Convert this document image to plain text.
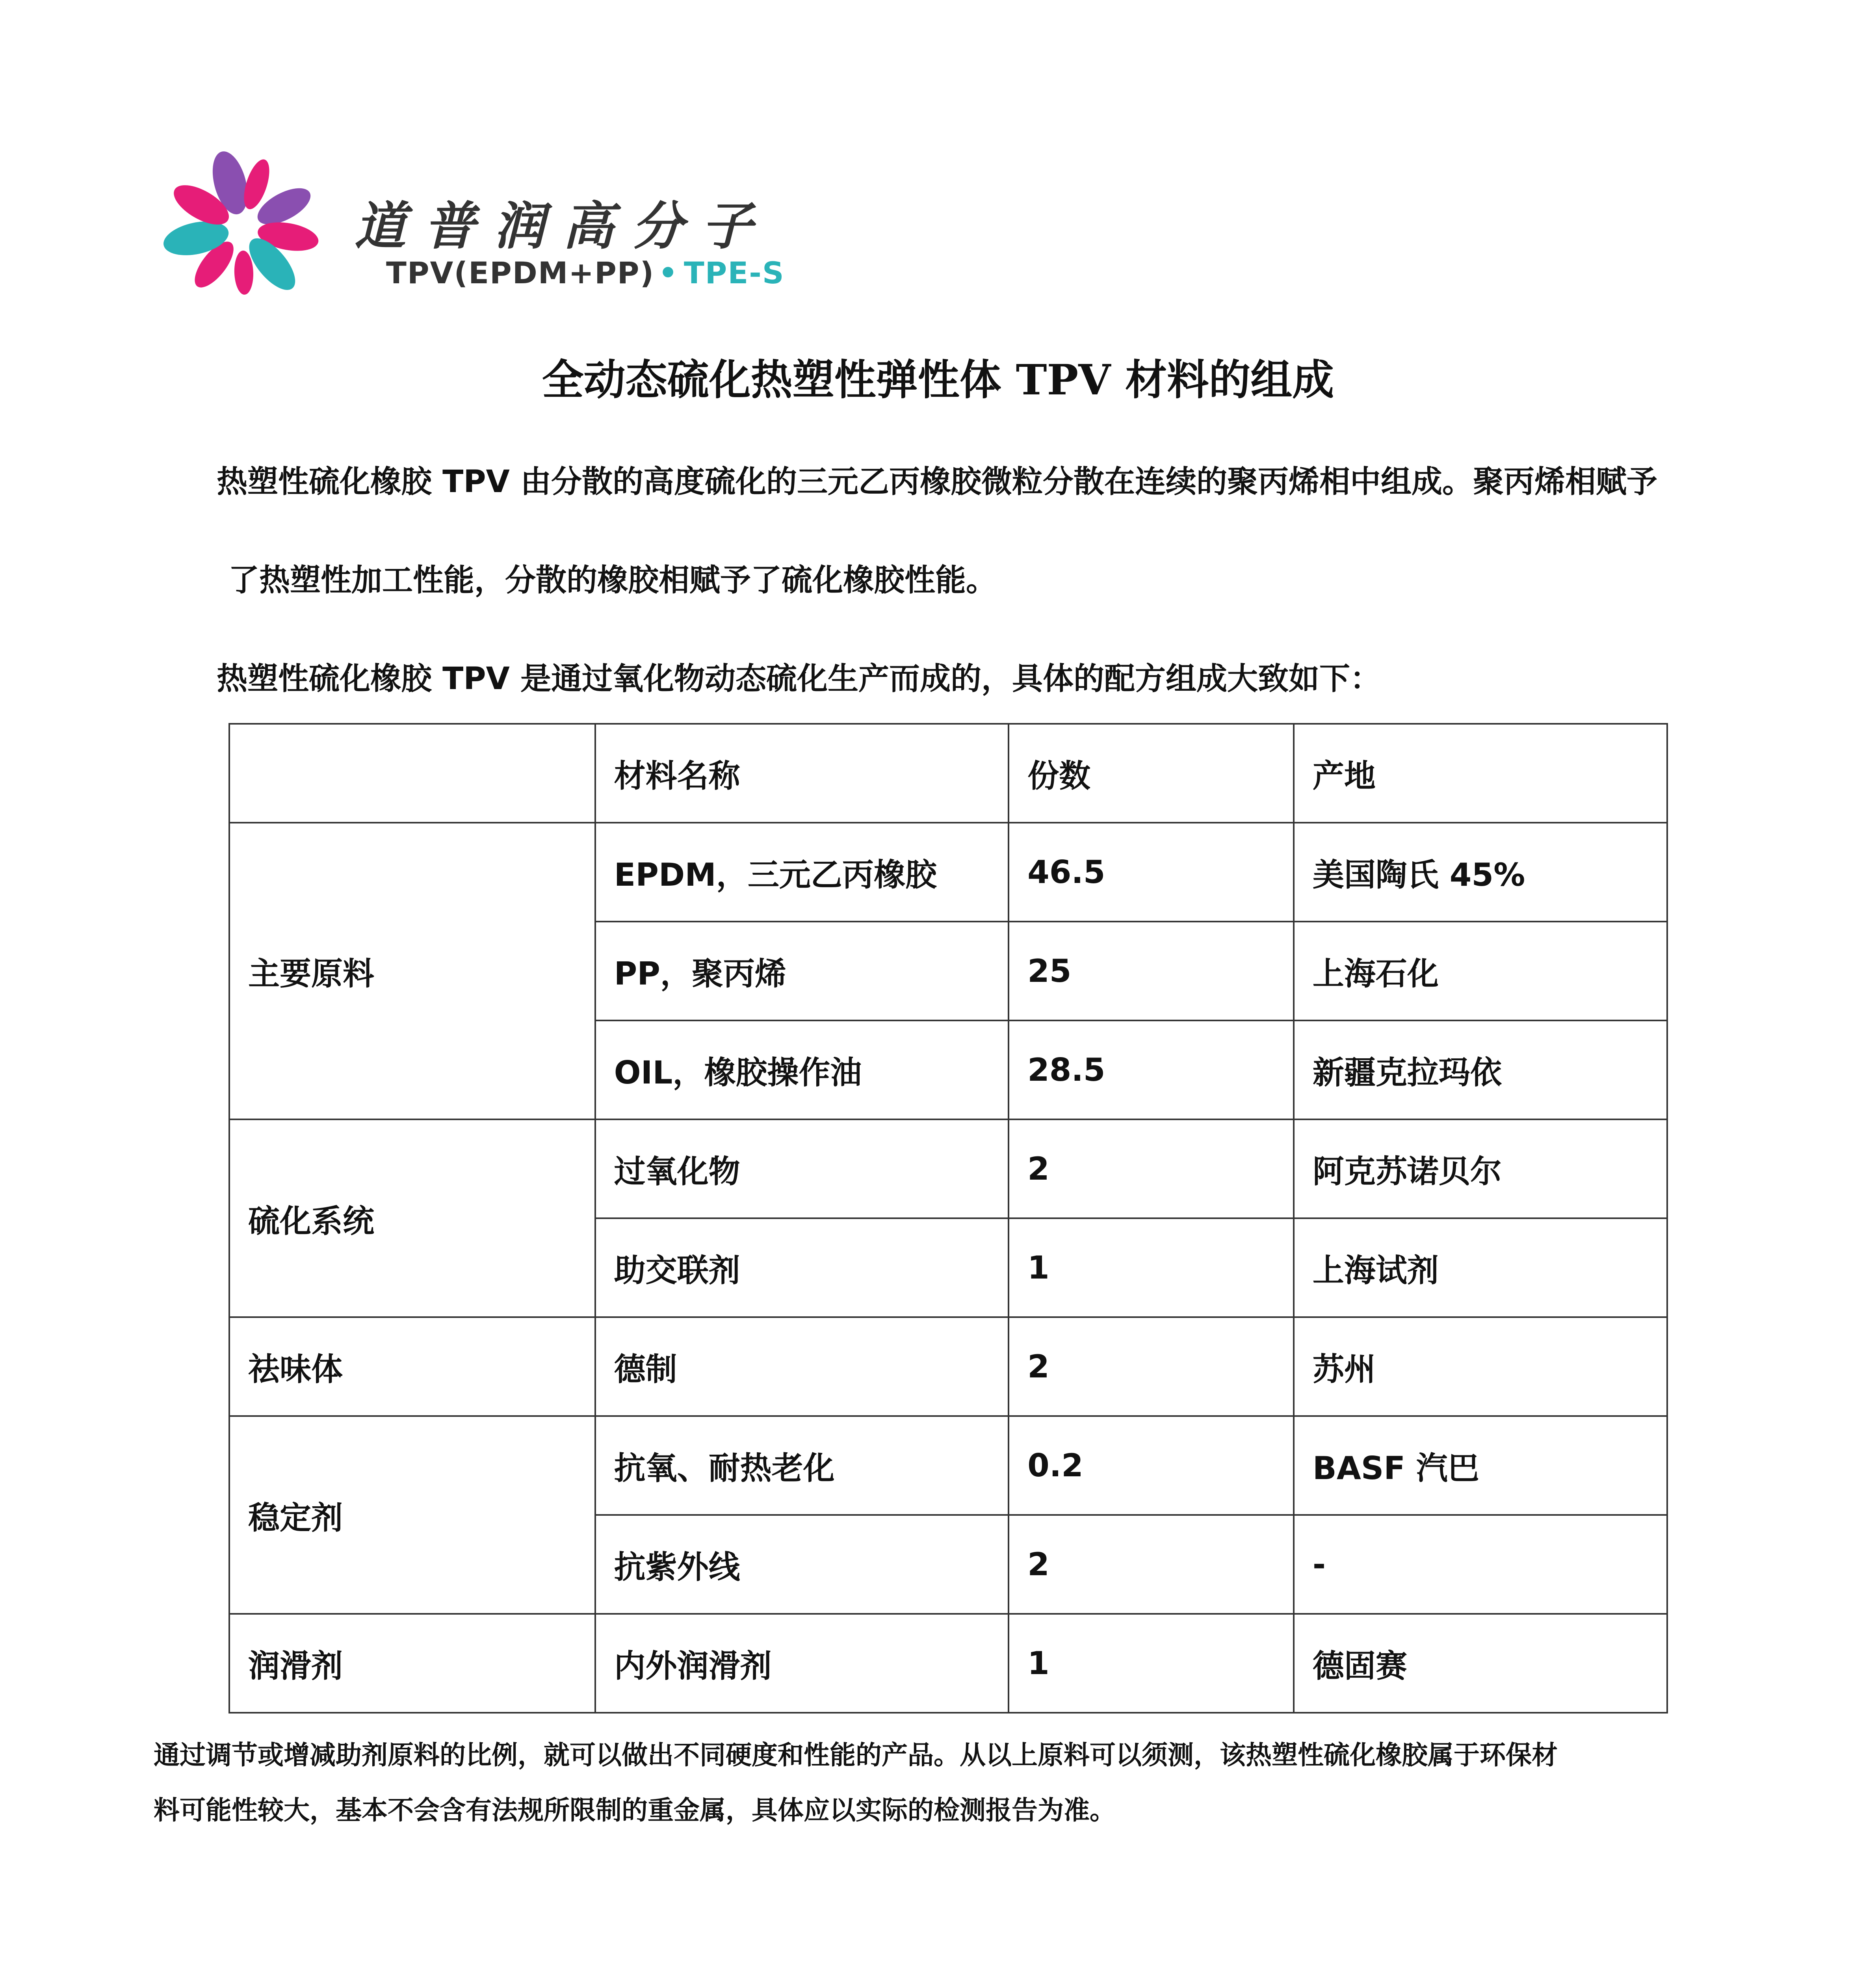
道普润高分子
TPV(EPDM+PP) • TPE-S
全动态硫化热塑性弹性体 TPV 材料的组成
热塑性硫化橡胶 TPV 由分散的高度硫化的三元乙丙橡胶微粒分散在连续的聚丙烯相中组成。聚丙烯相赋予
了热塑性加工性能，分散的橡胶相赋予了硫化橡胶性能。
热塑性硫化橡胶 TPV 是通过氧化物动态硫化生产而成的，具体的配方组成大致如下：
	材料名称	份数	产地
主要原料	EPDM，三元乙丙橡胶	46.5	美国陶氏 45%
	PP，聚丙烯	25	上海石化
	OIL，橡胶操作油	28.5	新疆克拉玛依
硫化系统	过氧化物	2	阿克苏诺贝尔
	助交联剂	1	上海试剂
祛味体	德制	2	苏州
稳定剂	抗氧、耐热老化	0.2	BASF 汽巴
	抗紫外线	2	-
润滑剂	内外润滑剂	1	德固赛
通过调节或增减助剂原料的比例，就可以做出不同硬度和性能的产品。从以上原料可以须测，该热塑性硫化橡胶属于环保材
料可能性较大，基本不会含有法规所限制的重金属，具体应以实际的检测报告为准。
